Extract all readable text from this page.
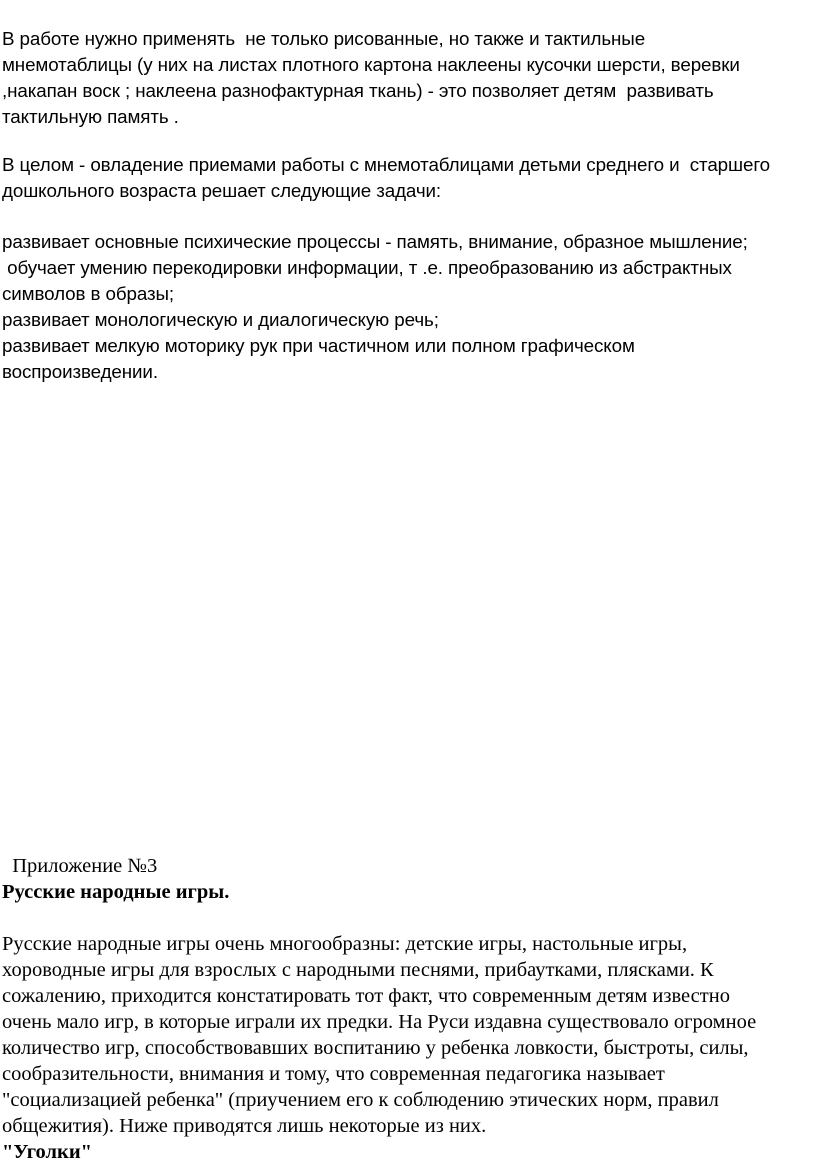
В работе нужно применять  не только рисованные, но также и тактильные
мнемотаблицы (у них на листах плотного картона наклеены кусочки шерсти, веревки
,накапан воск ; наклеена разнофактурная ткань) - это позволяет детям  развивать
тактильную память .
В целом - овладение приемами работы с мнемотаблицами детьми среднего и  старшего
дошкольного возраста решает следующие задачи:
развивает основные психические процессы - память, внимание, образное мышление;
обучает умению перекодировки информации, т .е. преобразованию из абстрактных
символов в образы;
развивает монологическую и диалогическую речь;
развивает мелкую моторику рук при частичном или полном графическом
воспроизведении.
Приложение №3
Русские народные игры.
Русские народные игры очень многообразны: детские игры, настольные игры,
хороводные игры для взрослых с народными песнями, прибаутками, плясками. К
сожалению, приходится констатировать тот факт, что современным детям известно
очень мало игр, в которые играли их предки. На Руси издавна существовало огромное
количество игр, способствовавших воспитанию у ребенка ловкости, быстроты, силы,
сообразительности, внимания и тому, что современная педагогика называет
"социализацией ребенка" (приучением его к соблюдению этических норм, правил
общежития). Ниже приводятся лишь некоторые из них.
"Уголки"
